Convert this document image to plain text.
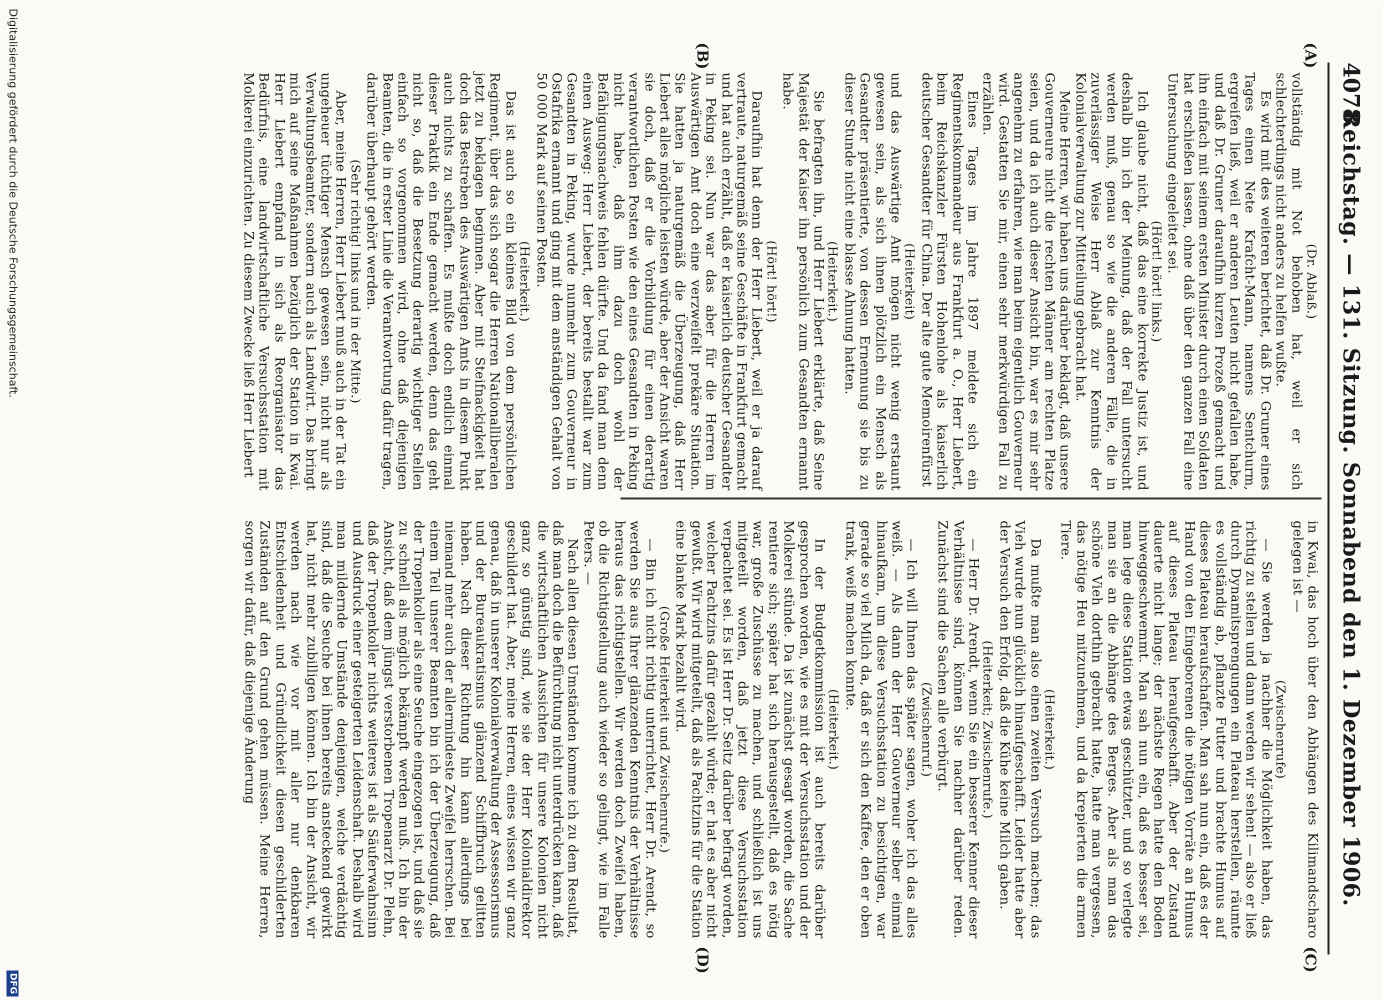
4078
Reichstag. — 131. Sitzung. Sonnabend den 1. Dezember 1906.
(A)
(B)
(C)
(D)

(Dr. Ablaß.)

vollständig mit Not behoben hat, weil er sich schlechterdings nicht anders zu helfen wußte.

Es wird mit des weiteren berichtet, daß Dr. Gruner eines Tages einen Nete Krafcht-Mann, namens Sentchurm, ergreifen ließ, weil er anderen Leuten nicht gefallen habe, und daß Dr. Gruner daraufhin kurzen Prozeß gemacht und ihn einfach mit seinem ersten Minister durch einen Soldaten hat erschießen lassen, ohne daß über den ganzen Fall eine Untersuchung eingeleitet sei.

(Hört! hört! links.)

Ich glaube nicht, daß das eine korrekte Justiz ist, und deshalb bin ich der Meinung, daß der Fall untersucht werden muß, genau so wie die anderen Fälle, die in zuverlässiger Weise Herr Ablaß zur Kenntnis der Kolonialverwaltung zur Mitteilung gebracht hat.

Meine Herren, wir haben uns darüber beklagt, daß unsere Gouverneure nicht die rechten Männer am rechten Platze seien, und da ich auch dieser Ansicht bin, war es mir sehr angenehm zu erfahren, wie man beim eigentlich Gouverneur wird. Gestatten Sie mir, einen sehr merkwürdigen Fall zu erzählen.

Eines Tages im Jahre 1897 meldete sich ein Regimentskommandeur aus Frankfurt a. O., Herr Liebert, beim Reichskanzler Fürsten Hohenlohe als kaiserlich deutscher Gesandter für China. Der alte gute Memoirenfürst

(Heiterkeit)

und das Auswärtige Amt mögen nicht wenig erstaunt gewesen sein, als sich ihnen plötzlich ein Mensch als Gesandter präsentierte, von dessen Ernennung sie bis zu dieser Stunde nicht eine blasse Ahnung hatten.

(Heiterkeit.)

Sie befragten ihn, und Herr Liebert erklärte, daß Seine Majestät der Kaiser ihn persönlich zum Gesandten ernannt habe.

(Hört! hört!)

Daraufhin hat denn der Herr Liebert, weil er ja darauf vertraute, naturgemäß seine Geschäfte in Frankfurt gemacht und hat auch erzählt, daß er kaiserlich deutscher Gesandter in Peking sei. Nun war das aber für die Herren im Auswärtigen Amt doch eine verzweifelt prekäre Situation. Sie hatten ja naturgemäß die Überzeugung, daß Herr Liebert alles mögliche leisten würde, aber der Ansicht waren sie doch, daß er die Vorbildung für einen derartig verantwortlichen Posten wie den eines Gesandten in Peking nicht habe, daß ihm dazu doch wohl der Befähigungsnachweis fehlen dürfte. Und da fand man denn einen Ausweg: Herr Liebert, der bereits bestallt war zum Gesandten in Peking, wurde nunmehr zum Gouverneur in Ostafrika ernannt und ging mit dem anständigen Gehalt von 50 000 Mark auf seinen Posten.

(Heiterkeit.)

Das ist auch so ein kleines Bild von dem persönlichen Regiment, über das sich sogar die Herren Nationalliberalen jetzt zu beklagen beginnen. Aber mit Steifnackigkeit hat doch das Bestreben des Auswärtigen Amts in diesem Punkt auch nichts zu schaffen. Es mußte doch endlich einmal dieser Praktik ein Ende gemacht werden, denn das geht nicht so, daß die Besetzung derartig wichtiger Stellen einfach so vorgenommen wird, ohne daß diejenigen Beamten, die in erster Linie die Verantwortung dafür tragen, darüber überhaupt gehört werden.

(Sehr richtig! links und in der Mitte.)

Aber, meine Herren, Herr Liebert muß auch in der Tat ein ungeheuer tüchtiger Mensch gewesen sein, nicht nur als Verwaltungsbeamter, sondern auch als Landwirt. Das bringt mich auf seine Maßnahmen bezüglich der Station in Kwai. Herr Liebert empfand in sich als Reorganisator das Bedürfnis, eine landwirtschaftliche Versuchsstation mit Molkerei einzurichten. Zu diesem Zwecke ließ Herr Liebert

in Kwai, das hoch über den Abhängen des Kilimandscharo gelegen ist —

(Zwischenrufe)

— Sie werden ja nachher die Möglichkeit haben, das richtig zu stellen und dann werden wir sehen! — also er ließ durch Dynamitsprengungen ein Plateau herstellen, räumte es vollständig ab, pflanzte Futter und brachte Humus auf dieses Plateau heraufschaffen. Man sah nun ein, daß es der Hand von den Eingeborenen die nötigen Vorräte an Humus auf dieses Plateau heraufgeschafft. Aber der Zustand dauerte nicht lange; der nächste Regen hatte den Boden hinweggeschwemmt. Man sah nun ein, daß es besser sei, man lege diese Station etwas geschützter, und so verlegte man sie an die Abhänge des Berges. Aber als man das schöne Vieh dorthin gebracht hatte, hatte man vergessen, das nötige Heu mitzunehmen, und da krepierten die armen Tiere.

(Heiterkeit.)

Da mußte man also einen zweiten Versuch machen; das Vieh wurde nun glücklich hinaufgeschafft. Leider hatte aber der Versuch den Erfolg, daß die Kühe keine Milch gaben.

(Heiterkeit; Zwischenrufe.)

— Herr Dr. Arendt, wenn Sie ein besserer Kenner dieser Verhältnisse sind, können Sie nachher darüber reden. Zunächst sind die Sachen alle verbürgt.

(Zwischenruf.)

— Ich will Ihnen das später sagen, woher ich das alles weiß. — Als dann der Herr Gouverneur selber einmal hinaufkam, um diese Versuchsstation zu besichtigen, war gerade so viel Milch da, daß er sich den Kaffee, den er oben trank, weiß machen konnte.

(Heiterkeit.)

In der Budgetkommission ist auch bereits darüber gesprochen worden, wie es mit der Versuchsstation und der Molkerei stünde. Da ist zunächst gesagt worden, die Sache rentiere sich; später hat sich herausgestellt, daß es nötig war, große Zuschüsse zu machen, und schließlich ist uns mitgeteilt worden, daß jetzt diese Versuchsstation verpachtet sei. Es ist Herr Dr. Seitz darüber befragt worden, welcher Pachtzins dafür gezahlt würde; er hat es aber nicht gewußt. Wir wird mitgeteilt, daß als Pachtzins für die Station eine blanke Mark bezahlt wird.

(Große Heiterkeit und Zwischenrufe.)

— Bin ich nicht richtig unterrichtet, Herr Dr. Arendt, so werden Sie aus Ihrer glänzenden Kenntnis der Verhältnisse heraus das richtigstellen. Wir werden doch Zweifel haben, ob die Richtigstellung auch wieder so gelingt, wie im Falle Peters. —

Nach allen diesen Umständen komme ich zu dem Resultat, daß man doch die Befürchtung nicht unterdrücken kann, daß die wirtschaftlichen Aussichten für unsere Kolonien nicht ganz so günstig sind, wie sie der Herr Kolonialdirektor geschildert hat. Aber, meine Herren, eines wissen wir ganz genau, daß in unserer Kolonialverwaltung der Assessorismus und der Bureaukratismus glänzend Schiffbruch gelitten haben. Nach dieser Richtung hin kann allerdings bei niemand mehr auch der allermindeste Zweifel herrschen. Bei einem Teil unserer Beamten bin ich der Überzeugung, daß der Tropenkoller als eine Seuche eingezogen ist, und daß sie zu schnell als möglich bekämpft werden muß. Ich bin der Ansicht, daß dem jüngst verstorbenen Tropenarzt Dr. Plehn, daß der Tropenkoller nichts weiteres ist als Säuferwahnsinn und Ausdruck einer gesteigerten Leidenschaft. Deshalb wird man mildernde Umstände denjenigen, welche verdächtig sind, daß die Seuche bei ihnen bereits ansteckend gewirkt hat, nicht mehr zubilligen können. Ich bin der Ansicht, wir werden nach wie vor mit aller nur denkbaren Entschiedenheit und Gründlichkeit diesen geschilderten Zuständen auf den Grund gehen müssen. Meine Herren, sorgen wir dafür, daß diejenige Änderung

Digitalisierung gefördert durch die Deutsche Forschungsgemeinschaft.
DFG
